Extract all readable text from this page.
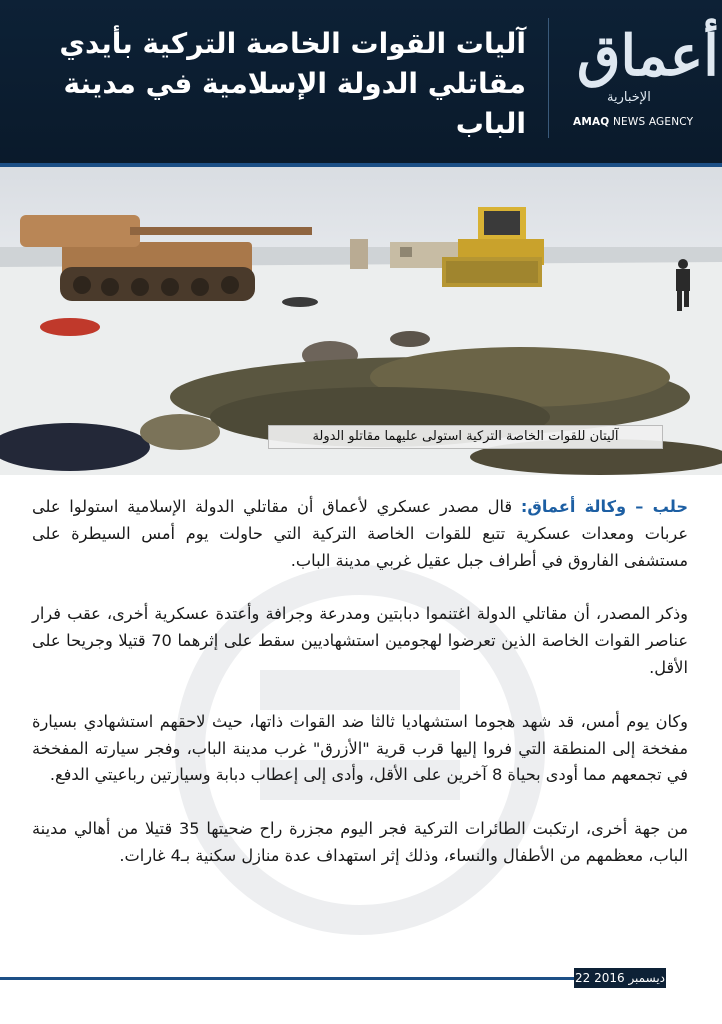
آليات القوات الخاصة التركية بأيدي مقاتلي الدولة الإسلامية في مدينة الباب
أعماق
الإخبارية
AMAQ NEWS AGENCY
آليتان للقوات الخاصة التركية استولى عليهما مقاتلو الدولة

حلب – وكالة أعماق: قال مصدر عسكري لأعماق أن مقاتلي الدولة الإسلامية استولوا على عربات ومعدات عسكرية تتبع للقوات الخاصة التركية التي حاولت يوم أمس السيطرة على مستشفى الفاروق في أطراف جبل عقيل غربي مدينة الباب.

وذكر المصدر، أن مقاتلي الدولة اغتنموا دبابتين ومدرعة وجرافة وأعتدة عسكرية أخرى، عقب فرار عناصر القوات الخاصة الذين تعرضوا لهجومين استشهاديين سقط على إثرهما 70 قتيلا وجريحا على الأقل.

وكان يوم أمس، قد شهد هجوما استشهاديا ثالثا ضد القوات ذاتها، حيث لاحقهم استشهادي بسيارة مفخخة إلى المنطقة التي فروا إليها قرب قرية "الأزرق" غرب مدينة الباب، وفجر سيارته المفخخة في تجمعهم مما أودى بحياة 8 آخرين على الأقل، وأدى إلى إعطاب دبابة وسيارتين رباعيتي الدفع.

من جهة أخرى، ارتكبت الطائرات التركية فجر اليوم مجزرة راح ضحيتها 35 قتيلا من أهالي مدينة الباب، معظمهم من الأطفال والنساء، وذلك إثر استهداف عدة منازل سكنية بـ4 غارات.

22 ديسمبر 2016
